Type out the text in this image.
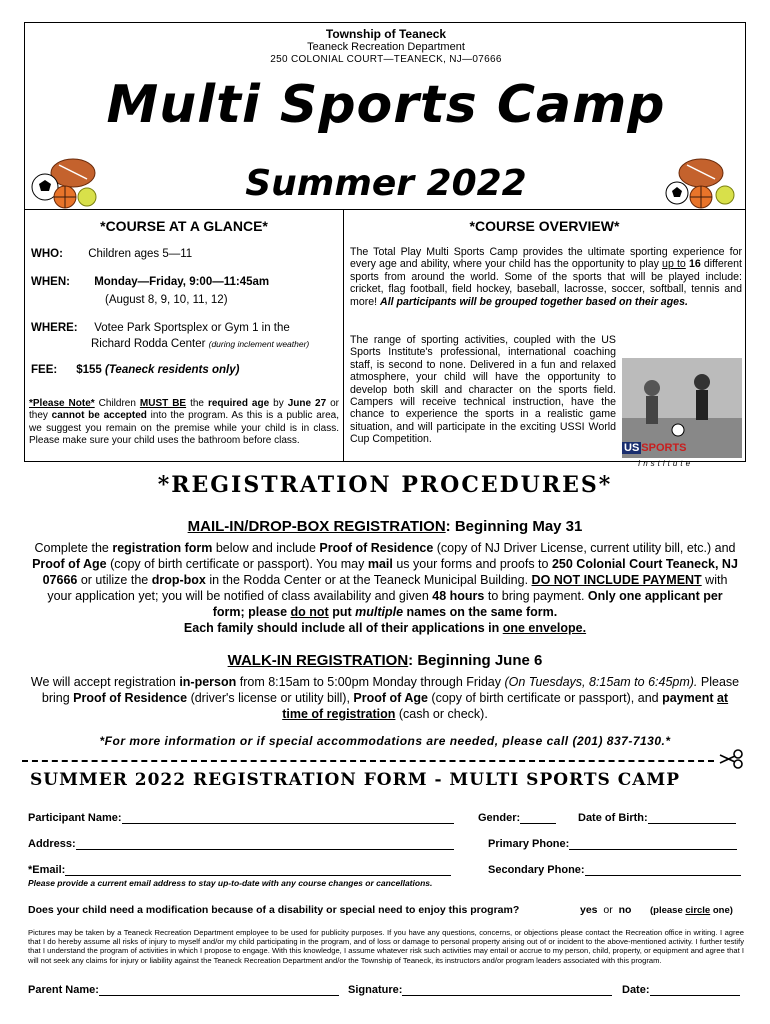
Township of Teaneck
Teaneck Recreation Department
250 COLONIAL COURT—TEANECK, NJ—07666
Multi Sports Camp
Summer 2022
*COURSE AT A GLANCE*
WHO: Children ages 5—11
WHEN: Monday—Friday, 9:00—11:45am
(August 8, 9, 10, 11, 12)
WHERE: Votee Park Sportsplex or Gym 1 in the
Richard Rodda Center (during inclement weather)
FEE: $155 (Teaneck residents only)
*Please Note* Children MUST BE the required age by June 27 or they cannot be accepted into the program. As this is a public area, we suggest you remain on the premise while your child is in class. Please make sure your child uses the bathroom before class.
*COURSE OVERVIEW*
The Total Play Multi Sports Camp provides the ultimate sporting experience for every age and ability, where your child has the opportunity to play up to 16 different sports from around the world. Some of the sports that will be played include: cricket, flag football, field hockey, baseball, lacrosse, soccer, softball, tennis and more! All participants will be grouped together based on their ages.
US SPORTS
Institute
The range of sporting activities, coupled with the US Sports Institute's professional, international coaching staff, is second to none. Delivered in a fun and relaxed atmosphere, your child will have the opportunity to develop both skill and character on the sports field. Campers will receive technical instruction, have the chance to experience the sports in a realistic game situation, and will participate in the exciting USSI World Cup Competition.
*REGISTRATION PROCEDURES*
MAIL-IN/DROP-BOX REGISTRATION: Beginning May 31
Complete the registration form below and include Proof of Residence (copy of NJ Driver License, current utility bill, etc.) and Proof of Age (copy of birth certificate or passport). You may mail us your forms and proofs to 250 Colonial Court Teaneck, NJ 07666 or utilize the drop-box in the Rodda Center or at the Teaneck Municipal Building. DO NOT INCLUDE PAYMENT with your application yet; you will be notified of class availability and given 48 hours to bring payment. Only one applicant per form; please do not put multiple names on the same form.
Each family should include all of their applications in one envelope.
WALK-IN REGISTRATION: Beginning June 6
We will accept registration in-person from 8:15am to 5:00pm Monday through Friday (On Tuesdays, 8:15am to 6:45pm). Please bring Proof of Residence (driver's license or utility bill), Proof of Age (copy of birth certificate or passport), and payment at time of registration (cash or check).
*For more information or if special accommodations are needed, please call (201) 837-7130.*
SUMMER 2022 REGISTRATION FORM - MULTI SPORTS CAMP
Participant Name:	Gender:	Date of Birth:
Address:	Primary Phone:
*Email:	Secondary Phone:
Please provide a current email address to stay up-to-date with any course changes or cancellations.
Does your child need a modification because of a disability or special need to enjoy this program?	yes or no (please circle one)
Pictures may be taken by a Teaneck Recreation Department employee to be used for publicity purposes. If you have any questions, concerns, or objections please contact the Recreation office in writing. I agree that I do hereby assume all risks of injury to myself and/or my child participating in the program, and of loss or damage to personal property arising out of or incident to the above-mentioned activity. I further testify that I understand the program of activities in which I propose to engage. With this knowledge, I assume whatever risk such activities may entail or accrue to my person, child, property, or equipment and agree that I will not seek any claims for injury or liability against the Teaneck Recreation Department and/or the Township of Teaneck, its instructors and/or program leaders associated with this program.
Parent Name:	Signature:	Date:
